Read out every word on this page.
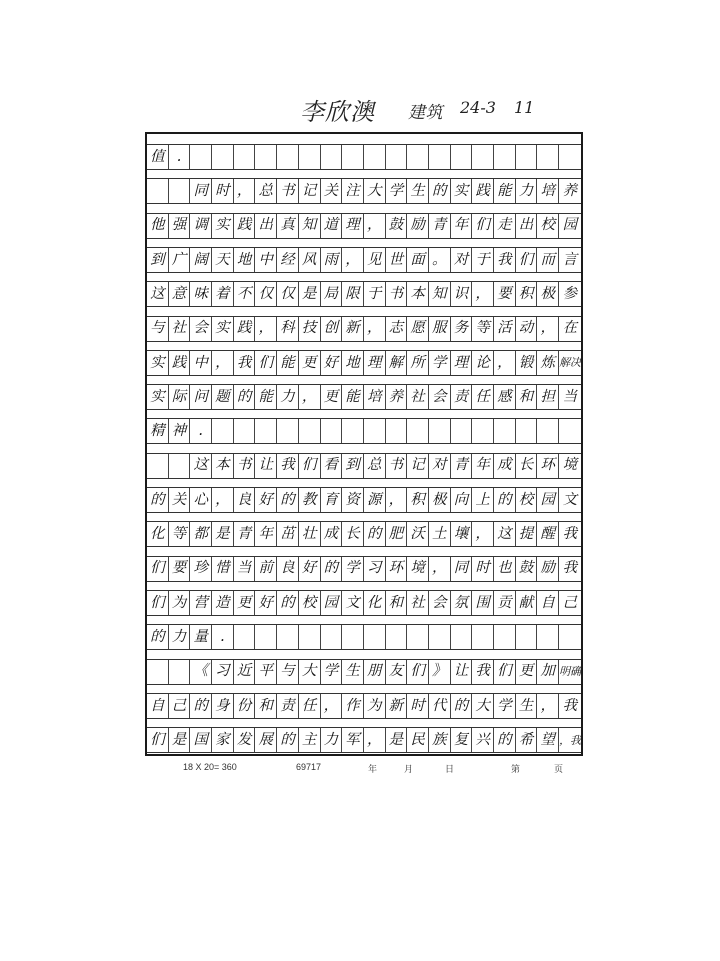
李欣澳 建筑 24-3 11
值 .

同 时 ， 总 书 记 关 注 大 学 生 的 实 践 能 力 培 养
他 强 调 实 践 出 真 知 道 理 ， 鼓 励 青 年 们 走 出 校 园
到 广 阔 天 地 中 经 风 雨 ， 见 世 面 。 对 于 我 们 而 言
这 意 味 着 不 仅 仅 是 局 限 于 书 本 知 识 ， 要 积 极 参
与 社 会 实 践 ， 科 技 创 新 ， 志 愿 服 务 等 活 动 ， 在
实 践 中 ， 我 们 能 更 好 地 理 解 所 学 理 论 ， 锻 炼 解决
实 际 问 题 的 能 力 ， 更 能 培 养 社 会 责 任 感 和 担 当
精 神 .

这 本 书 让 我 们 看 到 总 书 记 对 青 年 成 长 环 境
的 关 心 ， 良 好 的 教 育 资 源 ， 积 极 向 上 的 校 园 文
化 等 都 是 青 年 茁 壮 成 长 的 肥 沃 土 壤 ， 这 提 醒 我
们 要 珍 惜 当 前 良 好 的 学 习 环 境 ， 同 时 也 鼓 励 我
们 为 营 造 更 好 的 校 园 文 化 和 社 会 氛 围 贡 献 自 己
的 力 量 .

《 习 近 平 与 大 学 生 朋 友 们 》 让 我 们 更 加 明确
自 己 的 身 份 和 责 任 ， 作 为 新 时 代 的 大 学 生 ， 我
们 是 国 家 发 展 的 主 力 军 ， 是 民 族 复 兴 的 希 望 ，我
18 X 20= 360	69717	年	月	日	第	页
